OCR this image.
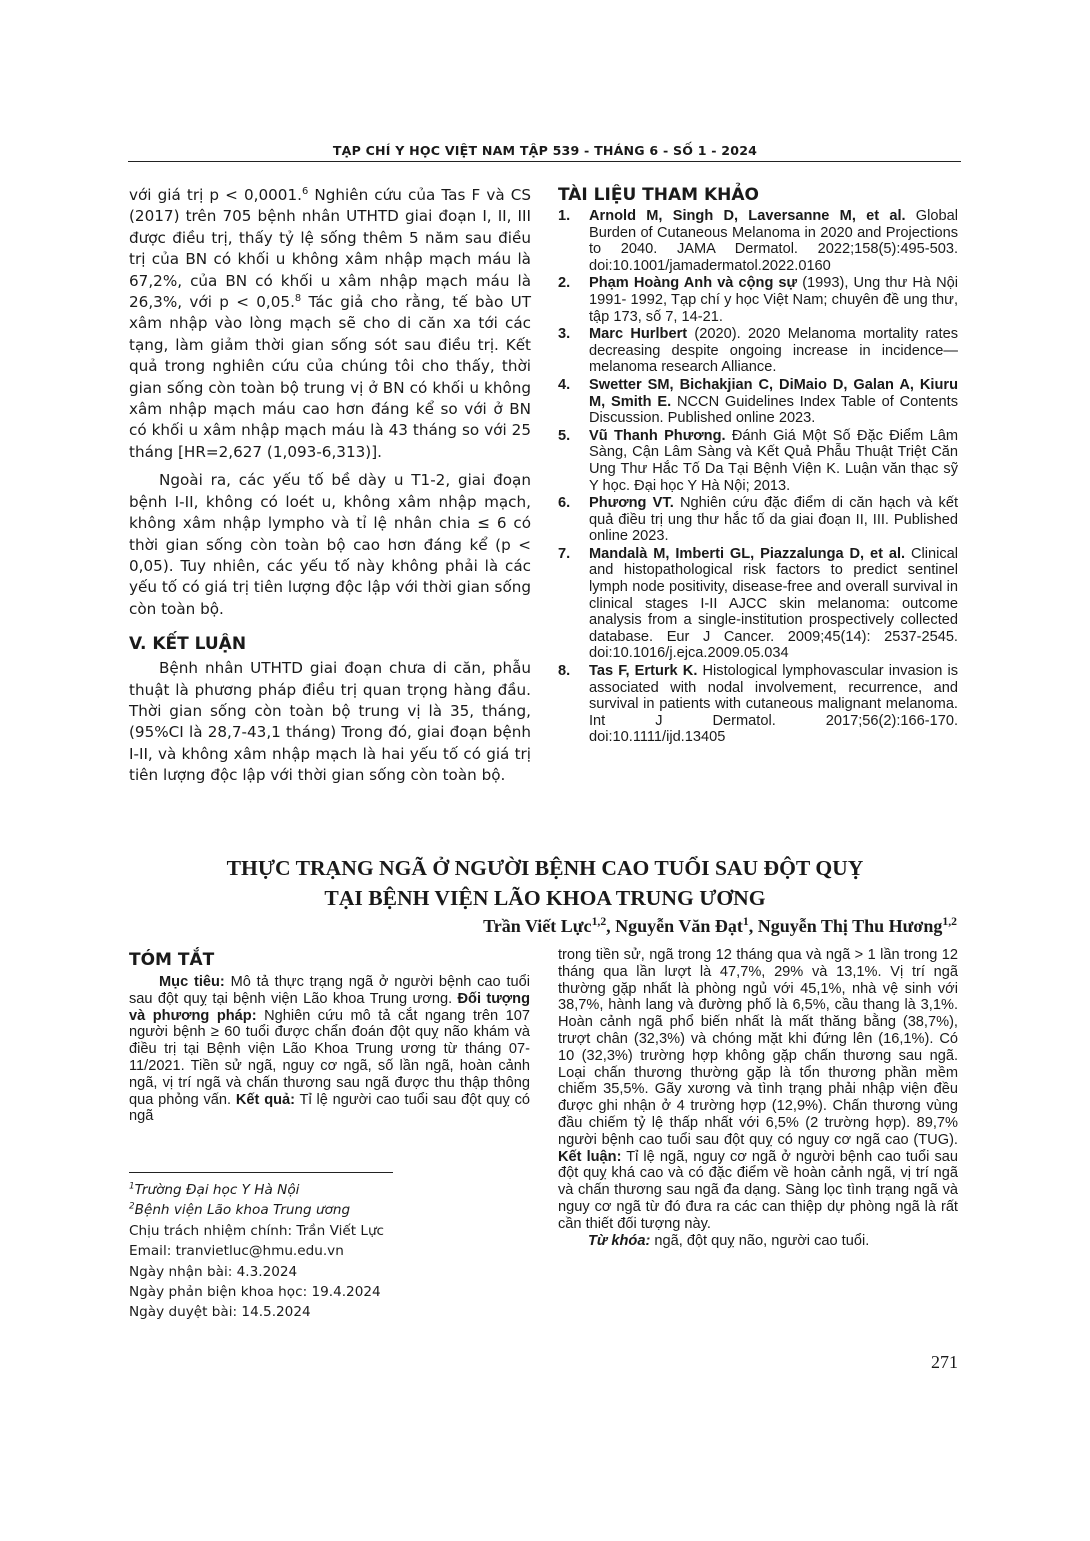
TẠP CHÍ Y HỌC VIỆT NAM TẬP 539 - THÁNG 6 - SỐ 1 - 2024

với giá trị p < 0,0001.$^6$ Nghiên cứu của Tas F và CS (2017) trên 705 bệnh nhân UTHTD giai đoạn I, II, III được điều trị, thấy tỷ lệ sống thêm 5 năm sau điều trị của BN có khối u không xâm nhập mạch máu là 67,2%, của BN có khối u xâm nhập mạch máu là 26,3%, với p < 0,05.$^8$ Tác giả cho rằng, tế bào UT xâm nhập vào lòng mạch sẽ cho di căn xa tới các tạng, làm giảm thời gian sống sót sau điều trị. Kết quả trong nghiên cứu của chúng tôi cho thấy, thời gian sống còn toàn bộ trung vị ở BN có khối u không xâm nhập mạch máu cao hơn đáng kể so với ở BN có khối u xâm nhập mạch máu là 43 tháng so với 25 tháng [HR=2,627 (1,093-6,313)].

Ngoài ra, các yếu tố bề dày u T1-2, giai đoạn bệnh I-II, không có loét u, không xâm nhập mạch, không xâm nhập lympho và tỉ lệ nhân chia ≤ 6 có thời gian sống còn toàn bộ cao hơn đáng kể (p < 0,05). Tuy nhiên, các yếu tố này không phải là các yếu tố có giá trị tiên lượng độc lập với thời gian sống còn toàn bộ.

V. KẾT LUẬN

Bệnh nhân UTHTD giai đoạn chưa di căn, phẫu thuật là phương pháp điều trị quan trọng hàng đầu. Thời gian sống còn toàn bộ trung vị là 35, tháng, (95%CI là 28,7-43,1 tháng) Trong đó, giai đoạn bệnh I-II, và không xâm nhập mạch là hai yếu tố có giá trị tiên lượng độc lập với thời gian sống còn toàn bộ.

TÀI LIỆU THAM KHẢO
1. Arnold M, Singh D, Laversanne M, et al. Global Burden of Cutaneous Melanoma in 2020 and Projections to 2040. JAMA Dermatol. 2022;158(5):495-503. doi:10.1001/jamadermatol.2022.0160
2. Phạm Hoàng Anh và cộng sự (1993), Ung thư Hà Nội 1991- 1992, Tạp chí y học Việt Nam; chuyên đề ung thư, tập 173, số 7, 14-21.
3. Marc Hurlbert (2020). 2020 Melanoma mortality rates decreasing despite ongoing increase in incidence—melanoma research Alliance.
4. Swetter SM, Bichakjian C, DiMaio D, Galan A, Kiuru M, Smith E. NCCN Guidelines Index Table of Contents Discussion. Published online 2023.
5. Vũ Thanh Phương. Đánh Giá Một Số Đặc Điểm Lâm Sàng, Cận Lâm Sàng và Kết Quả Phẫu Thuật Triệt Căn Ung Thư Hắc Tố Da Tại Bệnh Viện K. Luận văn thạc sỹ Y học. Đại học Y Hà Nội; 2013.
6. Phương VT. Nghiên cứu đặc điểm di căn hạch và kết quả điều trị ung thư hắc tố da giai đoạn II, III. Published online 2023.
7. Mandalà M, Imberti GL, Piazzalunga D, et al. Clinical and histopathological risk factors to predict sentinel lymph node positivity, disease-free and overall survival in clinical stages I-II AJCC skin melanoma: outcome analysis from a single-institution prospectively collected database. Eur J Cancer. 2009;45(14): 2537-2545. doi:10.1016/j.ejca.2009.05.034
8. Tas F, Erturk K. Histological lymphovascular invasion is associated with nodal involvement, recurrence, and survival in patients with cutaneous malignant melanoma. Int J Dermatol. 2017;56(2):166-170. doi:10.1111/ijd.13405
THỰC TRẠNG NGÃ Ở NGƯỜI BỆNH CAO TUỔI SAU ĐỘT QUỴ
TẠI BỆNH VIỆN LÃO KHOA TRUNG ƯƠNG
Trần Viết Lực$^{1,2}$, Nguyễn Văn Đạt$^1$, Nguyễn Thị Thu Hương$^{1,2}$
TÓM TẮT

Mục tiêu: Mô tả thực trạng ngã ở người bệnh cao tuổi sau đột quỵ tại bệnh viện Lão khoa Trung ương. Đối tượng và phương pháp: Nghiên cứu mô tả cắt ngang trên 107 người bệnh ≥ 60 tuổi được chẩn đoán đột quỵ não khám và điều trị tại Bệnh viện Lão Khoa Trung ương từ tháng 07-11/2021. Tiền sử ngã, nguy cơ ngã, số lần ngã, hoàn cảnh ngã, vị trí ngã và chấn thương sau ngã được thu thập thông qua phỏng vấn. Kết quả: Tỉ lệ người cao tuổi sau đột quỵ có ngã

$^1$Trường Đại học Y Hà Nội
$^2$Bệnh viện Lão khoa Trung ương
Chịu trách nhiệm chính: Trần Viết Lực
Email: tranvietluc@hmu.edu.vn
Ngày nhận bài: 4.3.2024
Ngày phản biện khoa học: 19.4.2024
Ngày duyệt bài: 14.5.2024

trong tiền sử, ngã trong 12 tháng qua và ngã > 1 lần trong 12 tháng qua lần lượt là 47,7%, 29% và 13,1%. Vị trí ngã thường gặp nhất là phòng ngủ với 45,1%, nhà vệ sinh với 38,7%, hành lang và đường phố là 6,5%, cầu thang là 3,1%. Hoàn cảnh ngã phổ biến nhất là mất thăng bằng (38,7%), trượt chân (32,3%) và chóng mặt khi đứng lên (16,1%). Có 10 (32,3%) trường hợp không gặp chấn thương sau ngã. Loại chấn thương thường gặp là tổn thương phần mềm chiếm 35,5%. Gãy xương và tình trạng phải nhập viện đều được ghi nhận ở 4 trường hợp (12,9%). Chấn thương vùng đầu chiếm tỷ lệ thấp nhất với 6,5% (2 trường hợp). 89,7% người bệnh cao tuổi sau đột quỵ có nguy cơ ngã cao (TUG). Kết luận: Tỉ lệ ngã, nguy cơ ngã ở người bệnh cao tuổi sau đột quỵ khá cao và có đặc điểm về hoàn cảnh ngã, vị trí ngã và chấn thương sau ngã đa dạng. Sàng lọc tình trạng ngã và nguy cơ ngã từ đó đưa ra các can thiệp dự phòng ngã là rất cần thiết đối tượng này.

Từ khóa: ngã, đột quỵ não, người cao tuổi.

271
